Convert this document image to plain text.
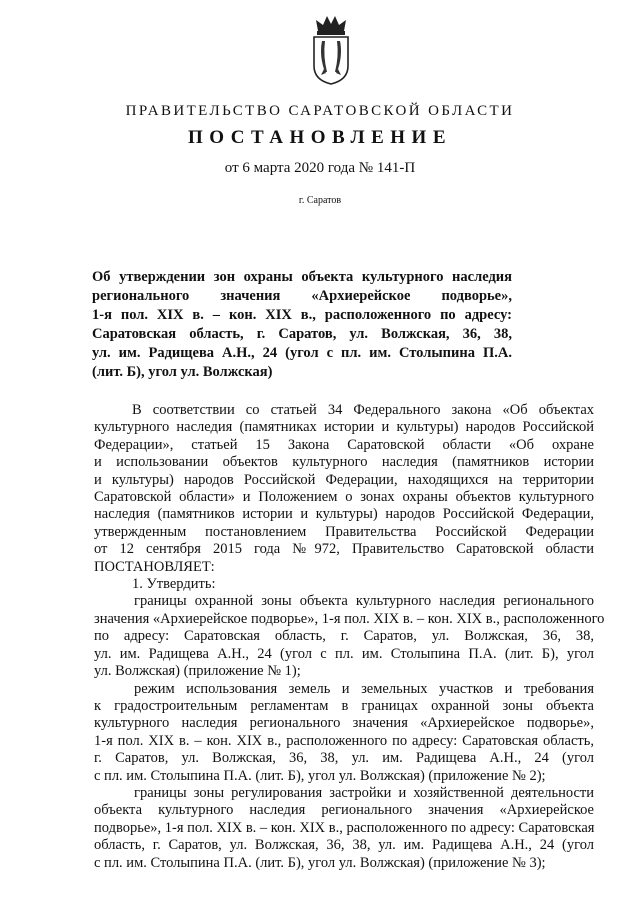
ПРАВИТЕЛЬСТВО САРАТОВСКОЙ ОБЛАСТИ
ПОСТАНОВЛЕНИЕ
от 6 марта 2020 года № 141-П
г. Саратов
Об утверждении зон охраны объекта культурного наследия
регионального значения «Архиерейское подворье»,
1-я пол. XIX в. – кон. XIX в., расположенного по адресу:
Саратовская область, г. Саратов, ул. Волжская, 36, 38,
ул. им. Радищева А.Н., 24 (угол с пл. им. Столыпина П.А.
(лит. Б), угол ул. Волжская)
В соответствии со статьей 34 Федерального закона «Об объектах
культурного наследия (памятниках истории и культуры) народов Российской
Федерации», статьей 15 Закона Саратовской области «Об охране
и использовании объектов культурного наследия (памятников истории
и культуры) народов Российской Федерации, находящихся на территории
Саратовской области» и Положением о зонах охраны объектов культурного
наследия (памятников истории и культуры) народов Российской Федерации,
утвержденным постановлением Правительства Российской Федерации
от 12 сентября 2015 года №972, Правительство Саратовской области
ПОСТАНОВЛЯЕТ:
1. Утвердить:
границы охранной зоны объекта культурного наследия регионального
значения «Архиерейское подворье», 1-я пол. XIX в. – кон. XIX в., расположенного
по адресу: Саратовская область, г. Саратов, ул. Волжская, 36, 38,
ул. им. Радищева А.Н., 24 (угол с пл. им. Столыпина П.А. (лит. Б), угол
ул. Волжская) (приложение № 1);
режим использования земель и земельных участков и требования
к градостроительным регламентам в границах охранной зоны объекта
культурного наследия регионального значения «Архиерейское подворье»,
1-я пол. XIX в. – кон. XIX в., расположенного по адресу: Саратовская область,
г. Саратов, ул. Волжская, 36, 38, ул. им. Радищева А.Н., 24 (угол
с пл. им. Столыпина П.А. (лит. Б), угол ул. Волжская) (приложение № 2);
границы зоны регулирования застройки и хозяйственной деятельности
объекта культурного наследия регионального значения «Архиерейское
подворье», 1-я пол. XIX в. – кон. XIX в., расположенного по адресу: Саратовская
область, г. Саратов, ул. Волжская, 36, 38, ул. им. Радищева А.Н., 24 (угол
с пл. им. Столыпина П.А. (лит. Б), угол ул. Волжская) (приложение № 3);
